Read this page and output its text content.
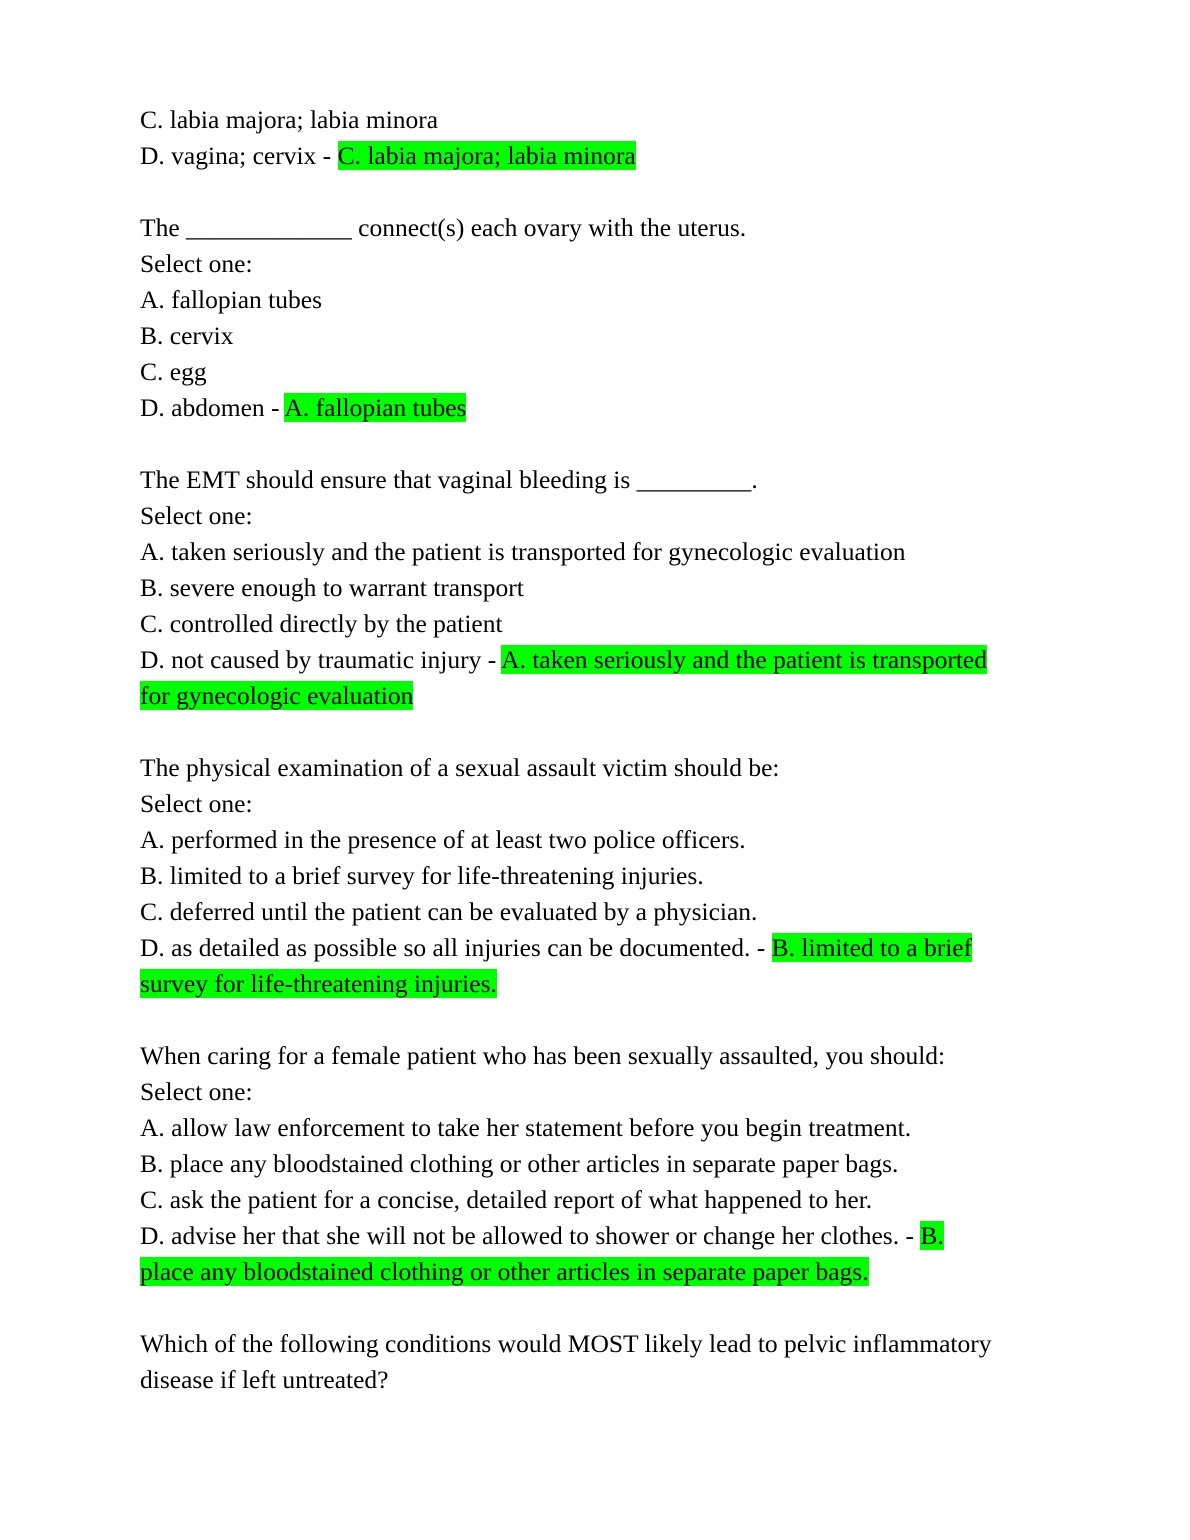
C. labia majora; labia minora
D. vagina; cervix - C. labia majora; labia minora
The _____________ connect(s) each ovary with the uterus.
Select one:
A. fallopian tubes
B. cervix
C. egg
D. abdomen - A. fallopian tubes
The EMT should ensure that vaginal bleeding is _________.
Select one:
A. taken seriously and the patient is transported for gynecologic evaluation
B. severe enough to warrant transport
C. controlled directly by the patient
D. not caused by traumatic injury - A. taken seriously and the patient is transported
for gynecologic evaluation
The physical examination of a sexual assault victim should be:
Select one:
A. performed in the presence of at least two police officers.
B. limited to a brief survey for life-threatening injuries.
C. deferred until the patient can be evaluated by a physician.
D. as detailed as possible so all injuries can be documented. - B. limited to a brief
survey for life-threatening injuries.
When caring for a female patient who has been sexually assaulted, you should:
Select one:
A. allow law enforcement to take her statement before you begin treatment.
B. place any bloodstained clothing or other articles in separate paper bags.
C. ask the patient for a concise, detailed report of what happened to her.
D. advise her that she will not be allowed to shower or change her clothes. - B.
place any bloodstained clothing or other articles in separate paper bags.
Which of the following conditions would MOST likely lead to pelvic inflammatory
disease if left untreated?
